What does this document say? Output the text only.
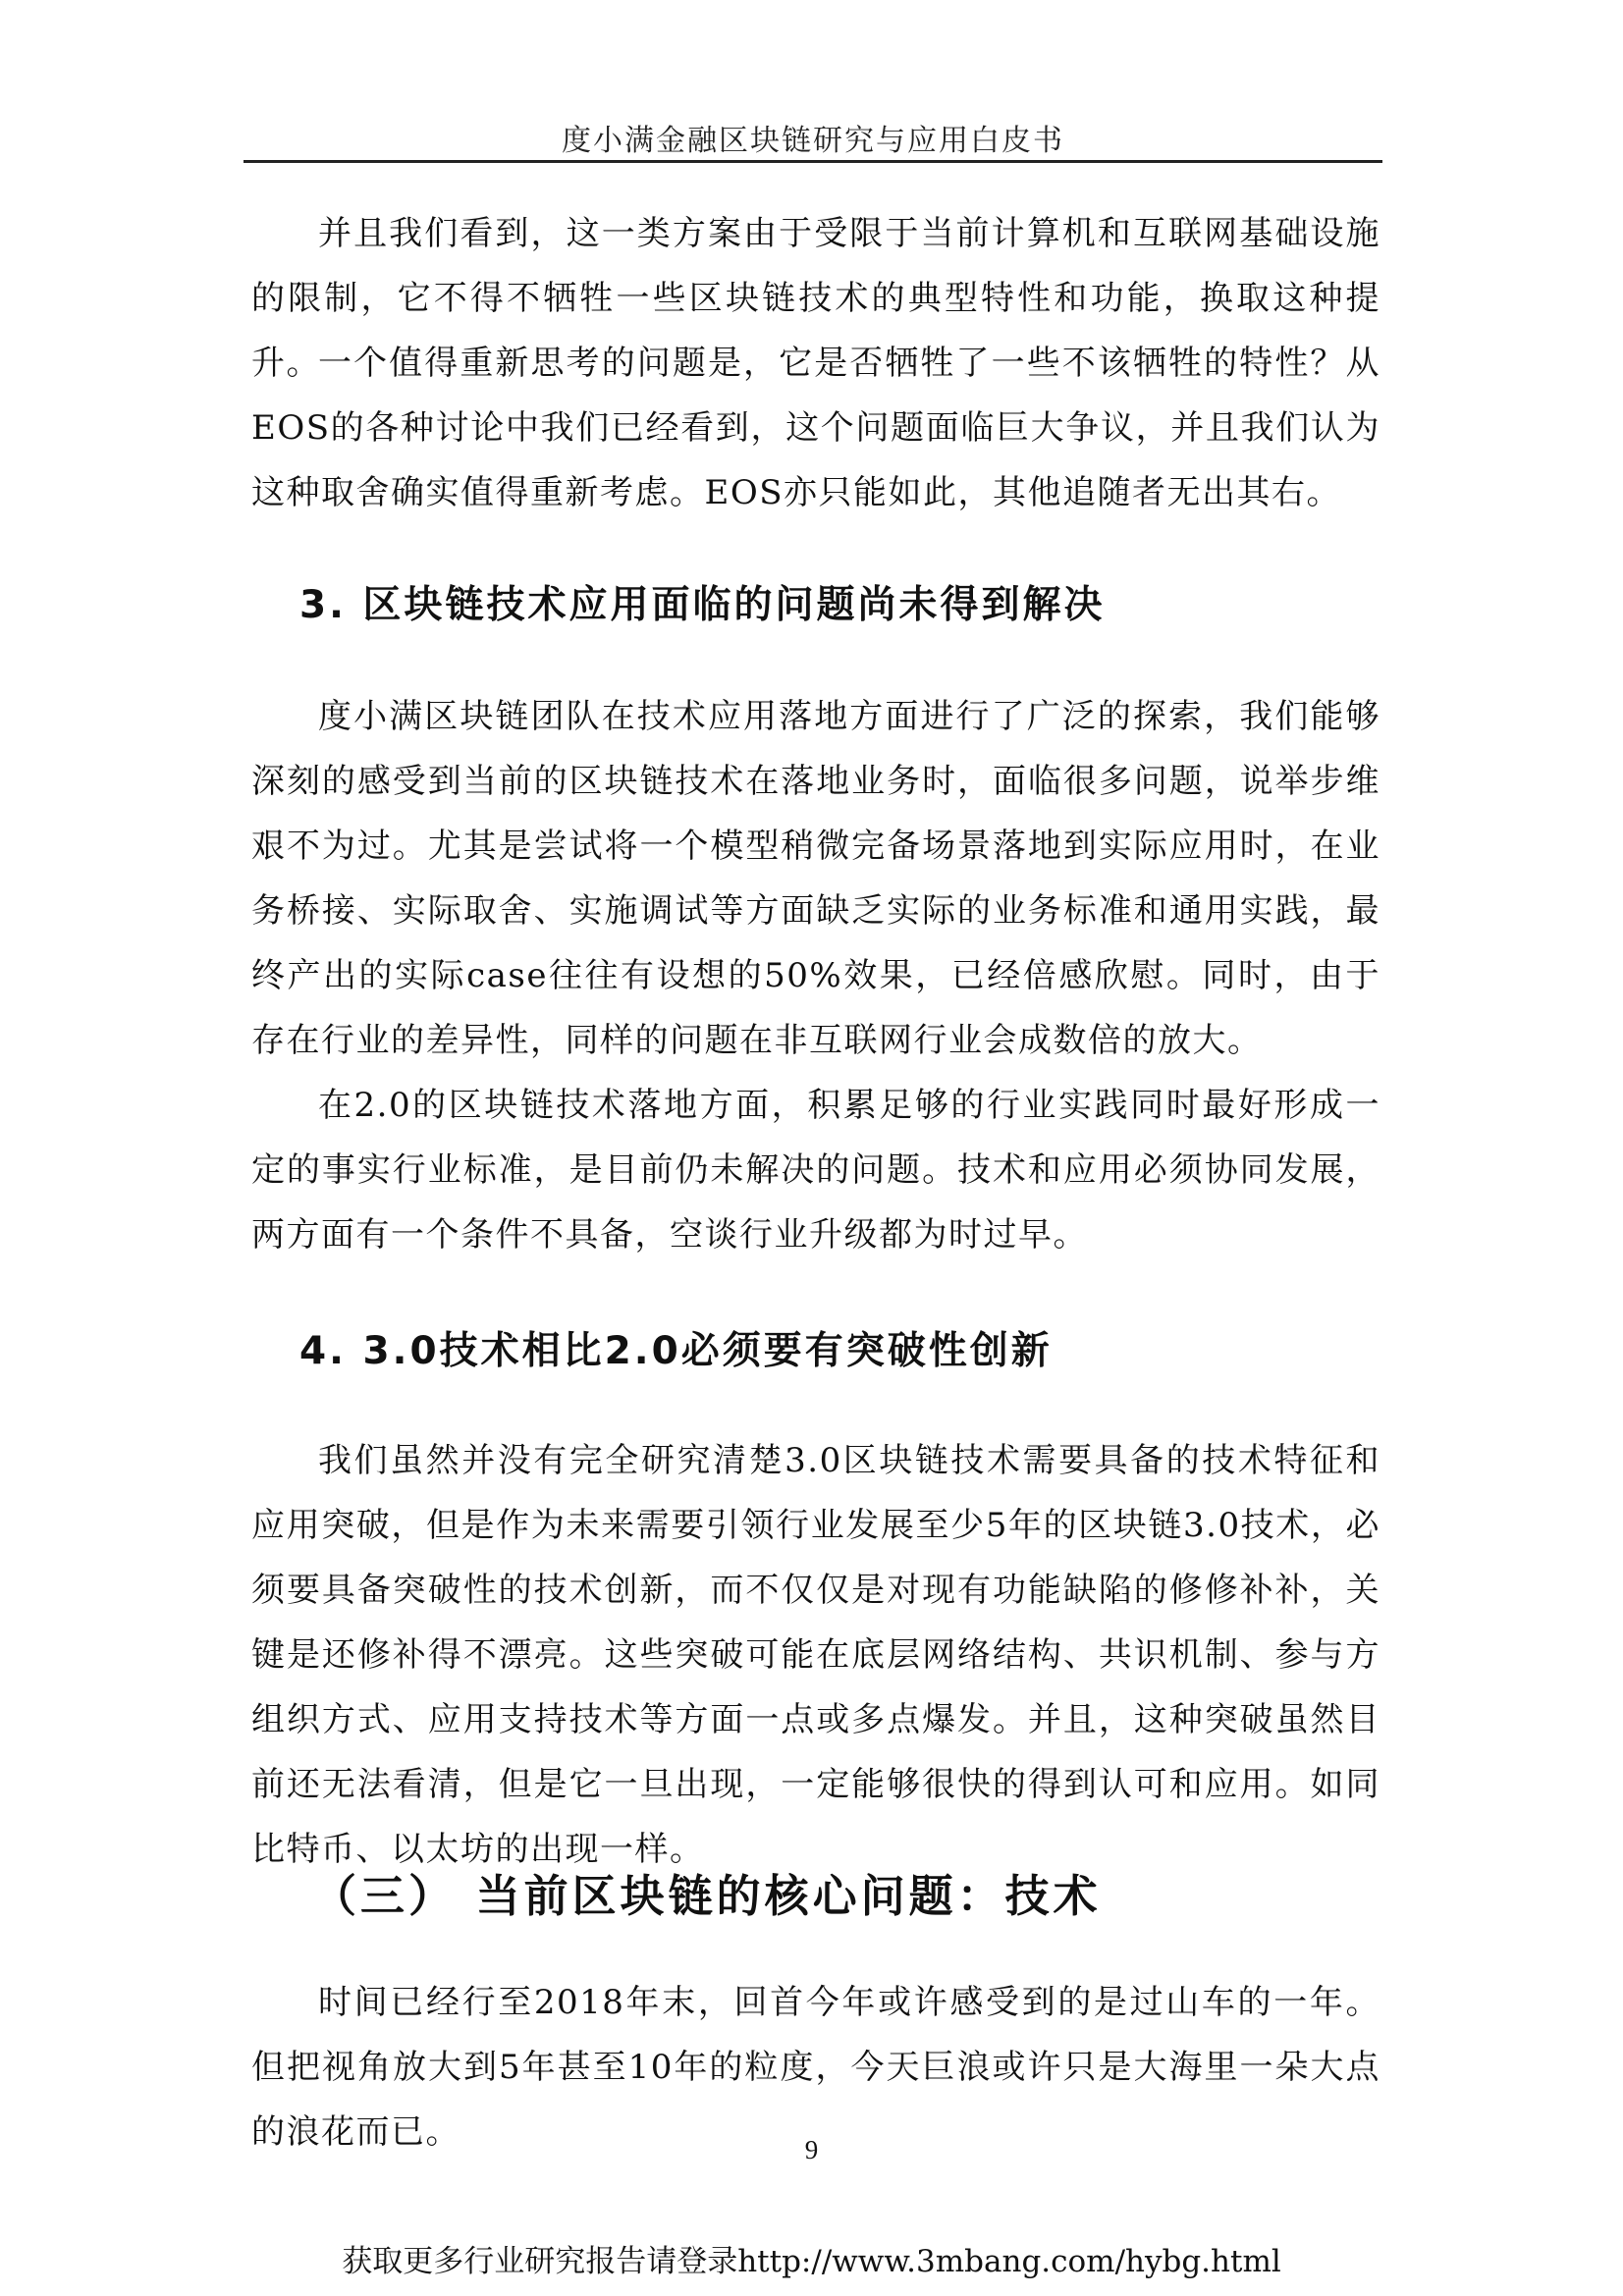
度小满金融区块链研究与应用白皮书

并且我们看到，这一类方案由于受限于当前计算机和互联网基础设施的限制，它不得不牺牲一些区块链技术的典型特性和功能，换取这种提升。

一个值得重新思考的问题是，它是否牺牲了一些不该牺牲的特性？从EOS的各种讨论中我们已经看到，这个问题面临巨大争议，并且我们认为这种取舍确实值得重新考虑。EOS亦只能如此，其他追随者无出其右。

3. 区块链技术应用面临的问题尚未得到解决

度小满区块链团队在技术应用落地方面进行了广泛的探索，我们能够深刻的感受到当前的区块链技术在落地业务时，面临很多问题，说举步维艰不为过。尤其是尝试将一个模型稍微完备场景落地到实际应用时，在业务桥接、实际取舍、实施调试等方面缺乏实际的业务标准和通用实践，最终产出的实际case往往有设想的50%效果，已经倍感欣慰。同时，由于存在行业的差异性，同样的问题在非互联网行业会成数倍的放大。

在2.0的区块链技术落地方面，积累足够的行业实践同时最好形成一定的事实行业标准，是目前仍未解决的问题。技术和应用必须协同发展，两方面有一个条件不具备，空谈行业升级都为时过早。

4. 3.0技术相比2.0必须要有突破性创新

我们虽然并没有完全研究清楚3.0区块链技术需要具备的技术特征和应用突破，但是作为未来需要引领行业发展至少5年的区块链3.0技术，必须要具备突破性的技术创新，而不仅仅是对现有功能缺陷的修修补补，关键是还修补得不漂亮。这些突破可能在底层网络结构、共识机制、参与方组织方式、应用支持技术等方面一点或多点爆发。并且，这种突破虽然目前还无法看清，但是它一旦出现，一定能够很快的得到认可和应用。如同比特币、以太坊的出现一样。

（三） 当前区块链的核心问题：技术

时间已经行至2018年末，回首今年或许感受到的是过山车的一年。但把视角放大到5年甚至10年的粒度，今天巨浪或许只是大海里一朵大点的浪花而已。	9
获取更多行业研究报告请登录http://www.3mbang.com/hybg.html
